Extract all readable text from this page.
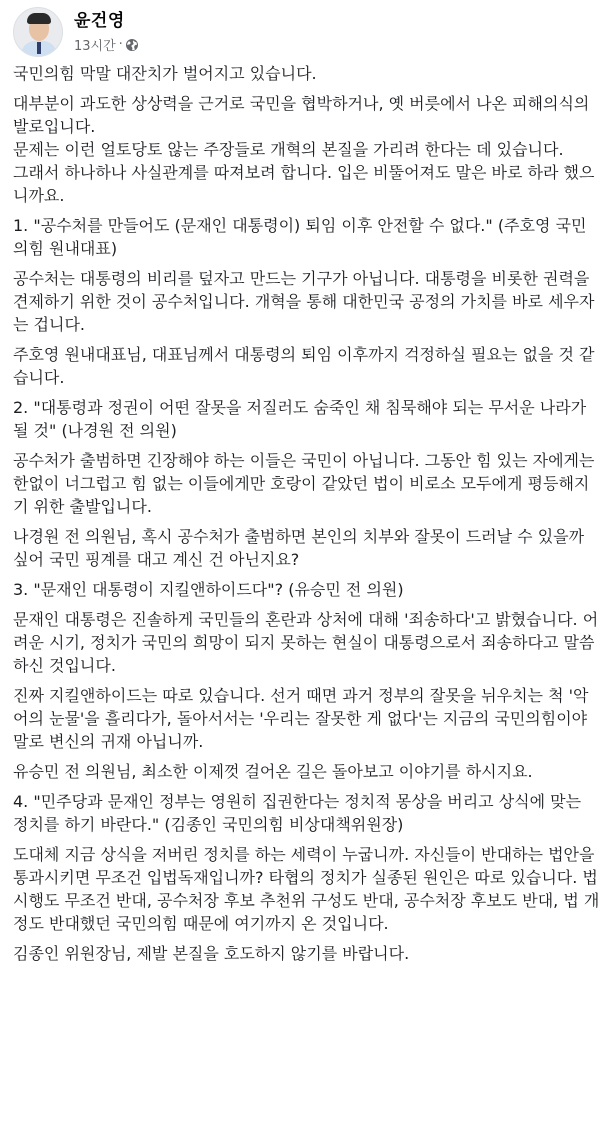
윤건영
13시간 ·

국민의힘 막말 대잔치가 벌어지고 있습니다.

대부분이 과도한 상상력을 근거로 국민을 협박하거나, 옛 버릇에서 나온 피해의식의 발로입니다.

문제는 이런 얼토당토 않는 주장들로 개혁의 본질을 가리려 한다는 데 있습니다.

그래서 하나하나 사실관계를 따져보려 합니다. 입은 비뚤어져도 말은 바로 하라 했으니까요.

1. "공수처를 만들어도 (문재인 대통령이) 퇴임 이후 안전할 수 없다." (주호영 국민의힘 원내대표)

공수처는 대통령의 비리를 덮자고 만드는 기구가 아닙니다. 대통령을 비롯한 권력을 견제하기 위한 것이 공수처입니다. 개혁을 통해 대한민국 공정의 가치를 바로 세우자는 겁니다.

주호영 원내대표님, 대표님께서 대통령의 퇴임 이후까지 걱정하실 필요는 없을 것 같습니다.

2. "대통령과 정권이 어떤 잘못을 저질러도 숨죽인 채 침묵해야 되는 무서운 나라가 될 것" (나경원 전 의원)

공수처가 출범하면 긴장해야 하는 이들은 국민이 아닙니다. 그동안 힘 있는 자에게는 한없이 너그럽고 힘 없는 이들에게만 호랑이 같았던 법이 비로소 모두에게 평등해지기 위한 출발입니다.

나경원 전 의원님, 혹시 공수처가 출범하면 본인의 치부와 잘못이 드러날 수 있을까 싶어 국민 핑계를 대고 계신 건 아닌지요?

3. "문재인 대통령이 지킬앤하이드다"? (유승민 전 의원)

문재인 대통령은 진솔하게 국민들의 혼란과 상처에 대해 '죄송하다'고 밝혔습니다. 어려운 시기, 정치가 국민의 희망이 되지 못하는 현실이 대통령으로서 죄송하다고 말씀하신 것입니다.

진짜 지킬앤하이드는 따로 있습니다. 선거 때면 과거 정부의 잘못을 뉘우치는 척 '악어의 눈물'을 흘리다가, 돌아서서는 '우리는 잘못한 게 없다'는 지금의 국민의힘이야말로 변신의 귀재 아닙니까.

유승민 전 의원님, 최소한 이제껏 걸어온 길은 돌아보고 이야기를 하시지요.

4. "민주당과 문재인 정부는 영원히 집권한다는 정치적 몽상을 버리고 상식에 맞는 정치를 하기 바란다." (김종인 국민의힘 비상대책위원장)

도대체 지금 상식을 저버린 정치를 하는 세력이 누굽니까. 자신들이 반대하는 법안을 통과시키면 무조건 입법독재입니까? 타협의 정치가 실종된 원인은 따로 있습니다. 법 시행도 무조건 반대, 공수처장 후보 추천위 구성도 반대, 공수처장 후보도 반대, 법 개정도 반대했던 국민의힘 때문에 여기까지 온 것입니다.

김종인 위원장님, 제발 본질을 호도하지 않기를 바랍니다.
